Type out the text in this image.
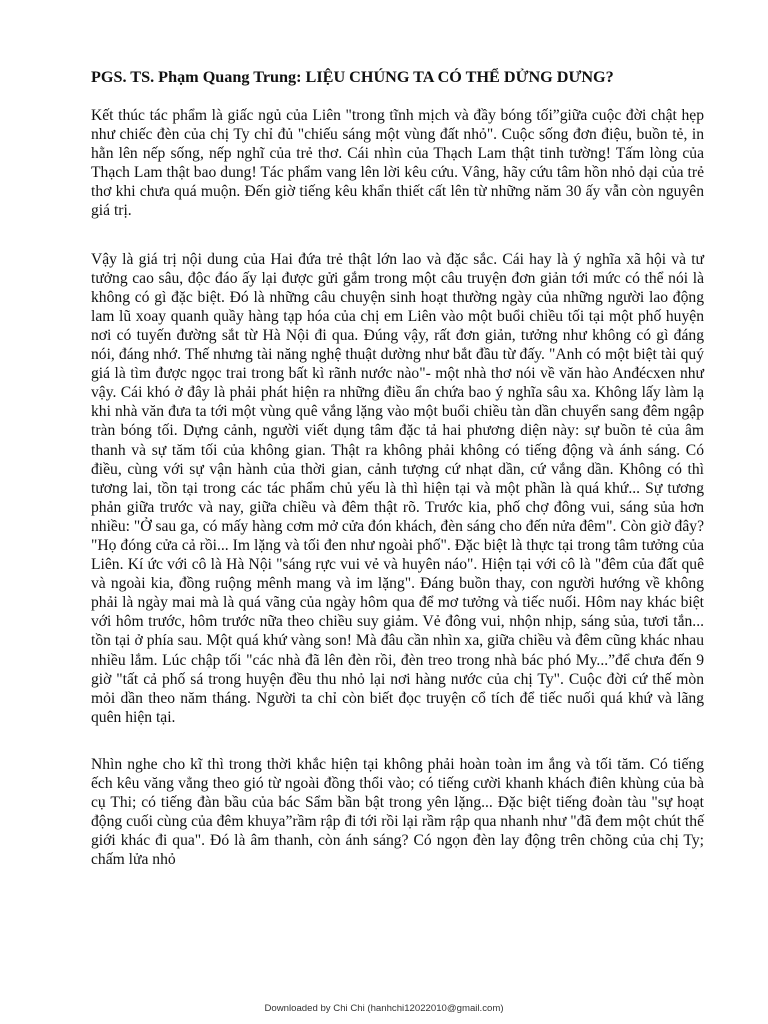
PGS. TS. Phạm Quang Trung: LIỆU CHÚNG TA CÓ THỂ DỬNG DƯNG?

Kết thúc tác phẩm là giấc ngủ của Liên "trong tĩnh mịch và đầy bóng tối”giữa cuộc đời chật hẹp như chiếc đèn của chị Ty chỉ đủ "chiếu sáng một vùng đất nhỏ". Cuộc sống đơn điệu, buồn tẻ, in hằn lên nếp sống, nếp nghĩ của trẻ thơ. Cái nhìn của Thạch Lam thật tinh tường! Tấm lòng của Thạch Lam thật bao dung! Tác phẩm vang lên lời kêu cứu. Vâng, hãy cứu tâm hồn nhỏ dại của trẻ thơ khi chưa quá muộn. Đến giờ tiếng kêu khẩn thiết cất lên từ những năm 30 ấy vẫn còn nguyên giá trị.

Vậy là giá trị nội dung của Hai đứa trẻ thật lớn lao và đặc sắc. Cái hay là ý nghĩa xã hội và tư tưởng cao sâu, độc đáo ấy lại được gửi gắm trong một câu truyện đơn giản tới mức có thể nói là không có gì đặc biệt. Đó là những câu chuyện sinh hoạt thường ngày của những người lao động lam lũ xoay quanh quầy hàng tạp hóa của chị em Liên vào một buổi chiều tối tại một phố huyện nơi có tuyến đường sắt từ Hà Nội đi qua. Đúng vậy, rất đơn giản, tưởng như không có gì đáng nói, đáng nhớ. Thế nhưng tài năng nghệ thuật dường như bắt đầu từ đấy. "Anh có một biệt tài quý giá là tìm được ngọc trai trong bất kì rãnh nước nào"- một nhà thơ nói về văn hào Anđécxen như vậy. Cái khó ở đây là phải phát hiện ra những điều ẩn chứa bao ý nghĩa sâu xa. Không lấy làm lạ khi nhà văn đưa ta tới một vùng quê vắng lặng vào một buổi chiều tàn dần chuyển sang đêm ngập tràn bóng tối. Dựng cảnh, người viết dụng tâm đặc tả hai phương diện này: sự buồn tẻ của âm thanh và sự tăm tối của không gian. Thật ra không phải không có tiếng động và ánh sáng. Có điều, cùng với sự vận hành của thời gian, cảnh tượng cứ nhạt dần, cứ vắng dần. Không có thì tương lai, tồn tại trong các tác phẩm chủ yếu là thì hiện tại và một phần là quá khứ... Sự tương phản giữa trước và nay, giữa chiều và đêm thật rõ. Trước kia, phố chợ đông vui, sáng sủa hơn nhiều: "Ở sau ga, có mấy hàng cơm mở cửa đón khách, đèn sáng cho đến nửa đêm". Còn giờ đây? "Họ đóng cửa cả rồi... Im lặng và tối đen như ngoài phố". Đặc biệt là thực tại trong tâm tưởng của Liên. Kí ức với cô là Hà Nội "sáng rực vui vẻ và huyên náo". Hiện tại với cô là "đêm của đất quê và ngoài kia, đồng ruộng mênh mang và im lặng". Đáng buồn thay, con người hướng về không phải là ngày mai mà là quá vãng của ngày hôm qua để mơ tưởng và tiếc nuối. Hôm nay khác biệt với hôm trước, hôm trước nữa theo chiều suy giảm. Vẻ đông vui, nhộn nhịp, sáng sủa, tươi tắn... tồn tại ở phía sau. Một quá khứ vàng son! Mà đâu cần nhìn xa, giữa chiều và đêm cũng khác nhau nhiều lắm. Lúc chập tối "các nhà đã lên đèn rồi, đèn treo trong nhà bác phó My...”để chưa đến 9 giờ "tất cả phố sá trong huyện đều thu nhỏ lại nơi hàng nước của chị Ty". Cuộc đời cứ thế mòn mỏi dần theo năm tháng. Người ta chỉ còn biết đọc truyện cổ tích để tiếc nuối quá khứ và lãng quên hiện tại.

Nhìn nghe cho kĩ thì trong thời khắc hiện tại không phải hoàn toàn im ắng và tối tăm. Có tiếng ếch kêu văng vẳng theo gió từ ngoài đồng thổi vào; có tiếng cười khanh khách điên khùng của bà cụ Thi; có tiếng đàn bầu của bác Sẩm bần bật trong yên lặng... Đặc biệt tiếng đoàn tàu "sự hoạt động cuối cùng của đêm khuya”rầm rập đi tới rồi lại rầm rập qua nhanh như "đã đem một chút thế giới khác đi qua". Đó là âm thanh, còn ánh sáng? Có ngọn đèn lay động trên chõng của chị Ty; chấm lửa nhỏ

Downloaded by Chi Chi (hanhchi12022010@gmail.com)
